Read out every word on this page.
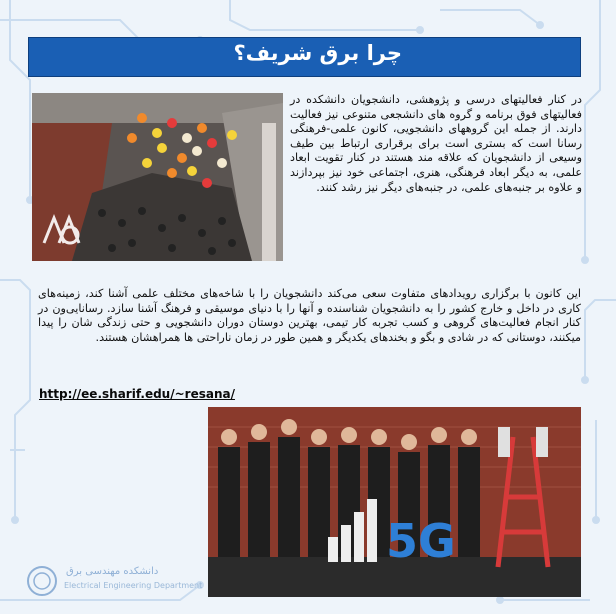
چرا برق شریف؟

در کنار فعالیتهای درسی و پژوهشی، دانشجویان دانشکده در فعالیتهای فوق برنامه و گروه های دانشجعی متنوعی نیز فعالیت دارند. از جمله این گروههای دانشجویی، کانون علمی-فرهنگی رسانا است که بستری است برای برقراری ارتباط بین طیف وسیعی از دانشجویان که علاقه مند هستند در کنار تقویت ابعاد علمی، به دیگر ابعاد فرهنگی، هنری، اجتماعی خود نیز بپردازند و علاوه بر جنبه‌های علمی، در جنبه‌های دیگر نیز رشد کنند.

این کانون با برگزاری رویدادهای متفاوت سعی می‌کند دانشجویان را با شاخه‌های مختلف علمی آشنا کند، زمینه‌های کاری در داخل و خارج کشور را به دانشجویان شناسنده و آنها را با دنیای موسیقی و فرهنگ آشنا سازد. رسانایی‌ون در کنار انجام فعالیت‌های گروهی و کسب تجربه کار تیمی، بهترین دوستان دوران دانشجویی و حتی زندگی شان را پیدا میکنند، دوستانی که در شادی و بگو و بخندهای یکدیگر و همین طور در زمان ناراحتی ها همراهشان هستند.

http://ee.sharif.edu/~resana/
5G
دانشکده مهندسی برق
Electrical Engineering Department
